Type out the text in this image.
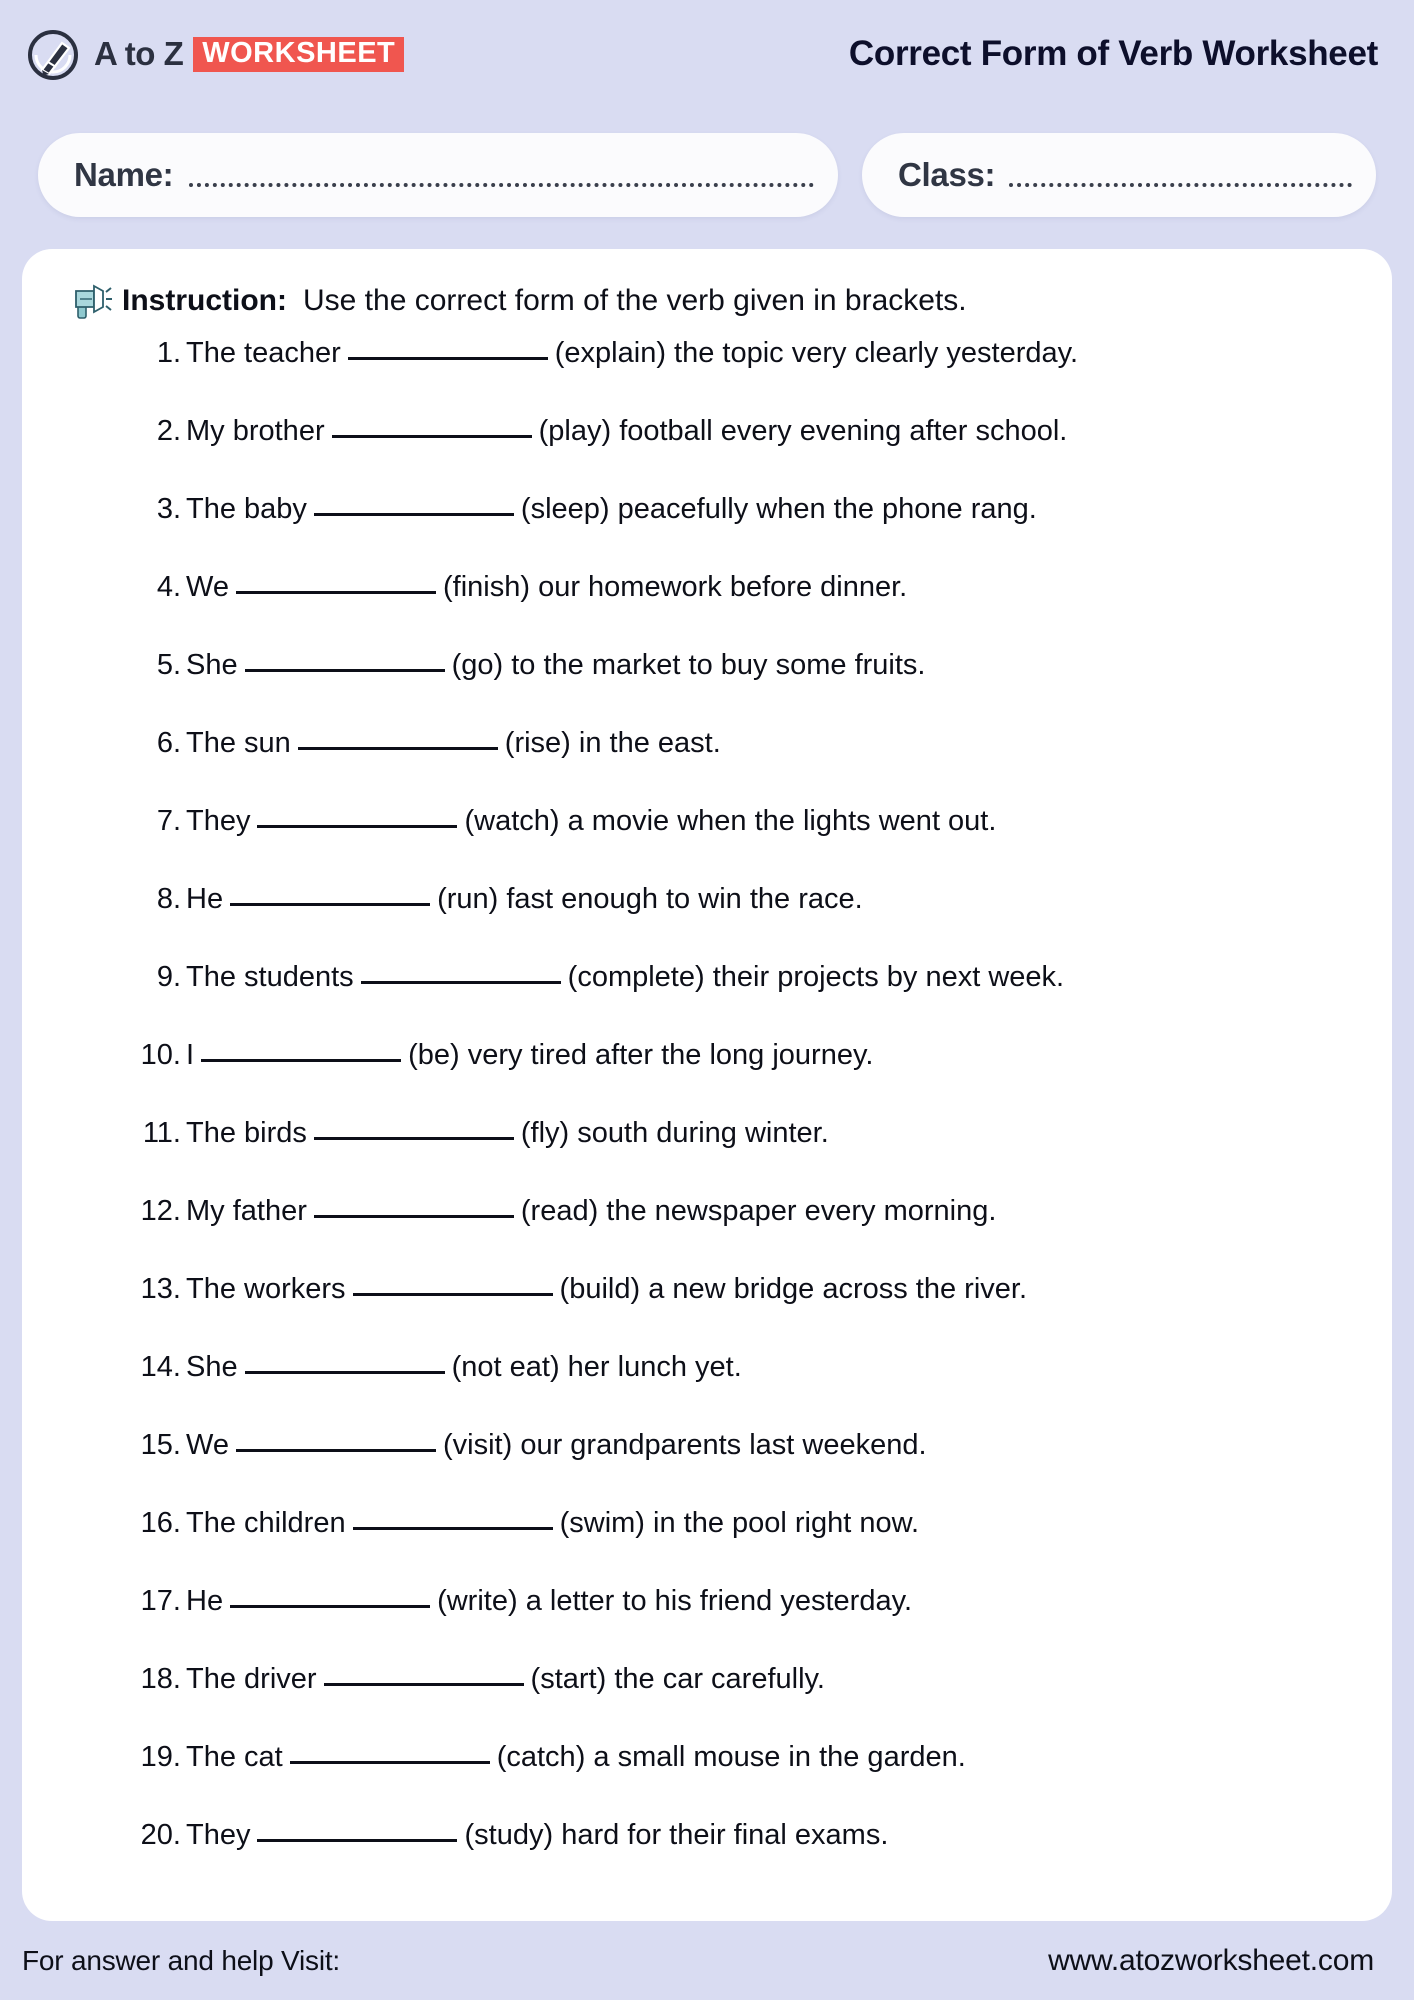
A to Z WORKSHEET	Correct Form of Verb Worksheet
Name:	Class:
Instruction: Use the correct form of the verb given in brackets.
1. The teacher	(explain) the topic very clearly yesterday.
2. My brother	(play) football every evening after school.
3. The baby	(sleep) peacefully when the phone rang.
4. We	(finish) our homework before dinner.
5. She	(go) to the market to buy some fruits.
6. The sun	(rise) in the east.
7. They	(watch) a movie when the lights went out.
8. He	(run) fast enough to win the race.
9. The students	(complete) their projects by next week.
10. I	(be) very tired after the long journey.
11. The birds	(fly) south during winter.
12. My father	(read) the newspaper every morning.
13. The workers	(build) a new bridge across the river.
14. She	(not eat) her lunch yet.
15. We	(visit) our grandparents last weekend.
16. The children	(swim) in the pool right now.
17. He	(write) a letter to his friend yesterday.
18. The driver	(start) the car carefully.
19. The cat	(catch) a small mouse in the garden.
20. They	(study) hard for their final exams.
For answer and help Visit:	www.atozworksheet.com
